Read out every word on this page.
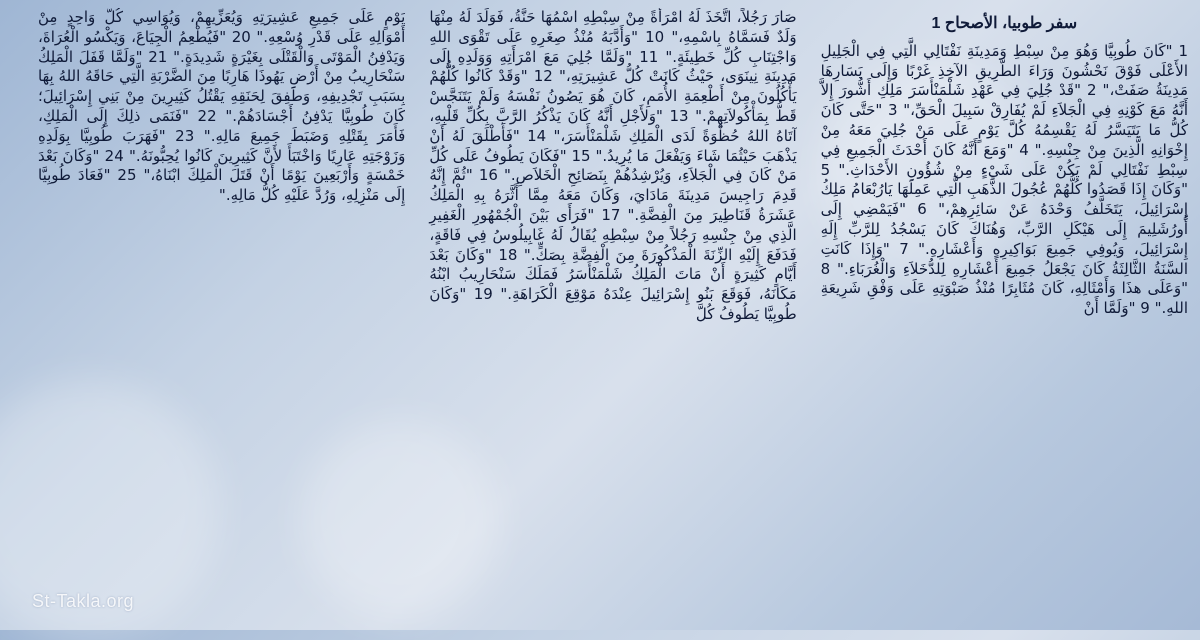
سفر طوبيا، الأصحاح 1
1 "كَانَ طُوبِيَّا وَهُوَ مِنْ سِبْطِ وَمَدِينَةِ نَفْتَالِي الَّتِي فِي الْجَلِيلِ الأَعْلَى فَوْقَ نَحْشُونَ وَرَاءَ الطَّرِيقِ الآخِذِ غَرْبًا وَإِلَى يَسَارِهَا مَدِينَةُ صَفَتْ،" 2 "قَدْ جُلِيَ فِي عَهْدِ شَلْمَنْأَسَرَ مَلِكِ أَشُّورَ إِلاَّ أَنَّهُ مَعَ كَوْنِهِ فِي الْجَلاَءِ لَمْ يُفَارِقْ سَبِيلَ الْحَقِّ،" 3 "حَتَّى كَانَ كُلُّ مَا يَتَيَسَّرُ لَهُ يَقْسِمُهُ كُلَّ يَوْمٍ عَلَى مَنْ جُلِيَ مَعَهُ مِنْ إِخْوَانِهِ الَّذِينَ مِنْ جِنْسِهِ." 4 "وَمَعَ أَنَّهُ كَانَ أَحْدَثَ الْجَمِيعِ فِي سِبْطِ نَفْتَالِي لَمْ يَكُنْ عَلَى شَيْءٍ مِنْ شُؤُونِ الأَحْدَاثِ." 5 "وَكَانَ إِذَا قَصَدُوا كُلُّهُمْ عُجُولَ الذَّهَبِ الَّتِي عَمِلَهَا يَارُبْعَامُ مَلِكُ إِسْرَائِيلَ، يَتَخَلَّفُ وَحْدَهُ عَنْ سَائِرِهِمْ،" 6 "فَيَمْضِي إِلَى أُورُشَلِيمَ إِلَى هَيْكَلِ الرَّبِّ، وَهُنَاكَ كَانَ يَسْجُدُ لِلرَّبِّ إِلَهِ إِسْرَائِيلَ، وَيُوفِي جَمِيعَ بَوَاكِيرِهِ وَأَعْشَارِهِ." 7 "وَإِذَا كَانَتِ السَّنَةُ الثَّالِثَةُ كَانَ يَجْعَلُ جَمِيعَ أَعْشَارِهِ لِلدُّخَلاَءِ وَالْغُرَبَاءِ." 8 "وَعَلَى هذَا وَأَمْثَالِهِ، كَانَ مُثَابِرًا مُنْذُ صَبْوَتِهِ عَلَى وَفْقِ شَرِيعَةِ اللهِ." 9 "وَلَمَّا أَنْ
صَارَ رَجُلاً، اتَّخَذَ لَهُ امْرَأَةً مِنْ سِبْطِهِ اسْمُهَا حَنَّةُ، فَوَلَدَ لَهُ مِنْهَا وَلَدٌ فَسَمَّاهُ بِاسْمِهِ،" 10 "وَأَدَّبَهُ مُنْذُ صِغَرِهِ عَلَى تَقْوَى اللهِ وَاجْتِنَابِ كُلِّ خَطِيئَةٍ." 11 "وَلَمَّا جُلِيَ مَعَ امْرَأَتِهِ وَوَلَدِهِ إِلَى مَدِينَةِ نِينَوَى، حَيْثُ كَانَتْ كُلُّ عَشِيرَتِهِ،" 12 "وَقَدْ كَانُوا كُلُّهُمْ يَأْكُلُونَ مِنْ أَطْعِمَةِ الأُمَمِ، كَانَ هُوَ يَصُونُ نَفْسَهُ وَلَمْ يَتَنَجَّسْ قَطُّ بِمَأْكُولاَتِهِمْ." 13 "وَلأَجْلِ أَنَّهُ كَانَ يَذْكُرُ الرَّبَّ بِكُلِّ قَلْبِهِ، آتَاهُ اللهُ حُظْوَةً لَدَى الْمَلِكِ شَلْمَنْأَسَرَ،" 14 "فَأَطْلَقَ لَهُ أَنْ يَذْهَبَ حَيْثُمَا شَاءَ وَيَفْعَلَ مَا يُرِيدُ." 15 "فَكَانَ يَطُوفُ عَلَى كُلِّ مَنْ كَانَ فِي الْجَلاَءِ، وَيُرْشِدُهُمْ بِنَصَائِحِ الْخَلاَصِ." 16 "ثُمَّ إِنَّهُ قَدِمَ رَاجِيسَ مَدِينَةَ مَادَايَ، وَكَانَ مَعَهُ مِمَّا أَثَّرَهُ بِهِ الْمَلِكُ عَشَرَةُ قَنَاطِيرَ مِنَ الْفِضَّةِ." 17 "فَرَأَى بَيْنَ الْجُمْهُورِ الْغَفِيرِ الَّذِي مِنْ جِنْسِهِ رَجُلاً مِنْ سِبْطِهِ يُقَالُ لَهُ غَابِيلُوسُ فِي فَاقَةٍ، فَدَفَعَ إِلَيْهِ الزِّنَةَ الْمَذْكُورَةَ مِنَ الْفِضَّةِ بِصَكٍّ." 18 "وَكَانَ بَعْدَ أَيَّامٍ كَثِيرَةٍ أَنْ مَاتَ الْمَلِكُ شَلْمَنْأَسَرُ فَمَلَكَ سَنْحَارِيبُ ابْنُهُ مَكَانَهُ، فَوَقَعَ بَنُو إِسْرَائِيلَ عِنْدَهُ مَوْقِعَ الْكَرَاهَةِ." 19 "وَكَانَ طُوبِيَّا يَطُوفُ كُلَّ
يَوْمٍ عَلَى جَمِيعِ عَشِيرَتِهِ وَيُعَزِّيهِمْ، وَيُوَاسِي كُلَّ وَاحِدٍ مِنْ أَمْوَالِهِ عَلَى قَدْرِ وُسْعِهِ." 20 "فَيُطْعِمُ الْجِيَاعَ، وَيَكْسُو الْعُرَاةَ، وَيَدْفِنُ الْمَوْتَى وَالْقَتْلَى بِغَيْرَةٍ شَدِيدَةٍ." 21 "وَلَمَّا قَفَلَ الْمَلِكُ سَنْحَارِيبُ مِنْ أَرْضِ يَهُوذَا هَارِبًا مِنَ الضَّرْبَةِ الَّتِي حَاقَهُ اللهُ بِهَا بِسَبَبِ تَجْدِيفِهِ، وَطَفِقَ لِحَنَقِهِ يَقْتُلُ كَثِيرِينَ مِنْ بَنِي إِسْرَائِيلَ؛ كَانَ طُوبِيَّا يَدْفِنُ أَجْسَادَهُمْ." 22 "فَنَمَى ذلِكَ إِلَى الْمَلِكِ، فَأَمَرَ بِقَتْلِهِ وَضَبَطَ جَمِيعَ مَالِهِ." 23 "فَهَرَبَ طُوبِيَّا بِوَلَدِهِ وَزَوْجَتِهِ عَارِيًا وَاخْتَبَأَ لأَنَّ كَثِيرِينَ كَانُوا يُحِبُّونَهُ." 24 "وَكَانَ بَعْدَ خَمْسَةٍ وَأَرْبَعِينَ يَوْمًا أَنْ قَتَلَ الْمَلِكَ ابْنَاهُ،" 25 "فَعَادَ طُوبِيَّا إِلَى مَنْزِلِهِ، وَرُدَّ عَلَيْهِ كُلُّ مَالِهِ."
St-Takla.org
